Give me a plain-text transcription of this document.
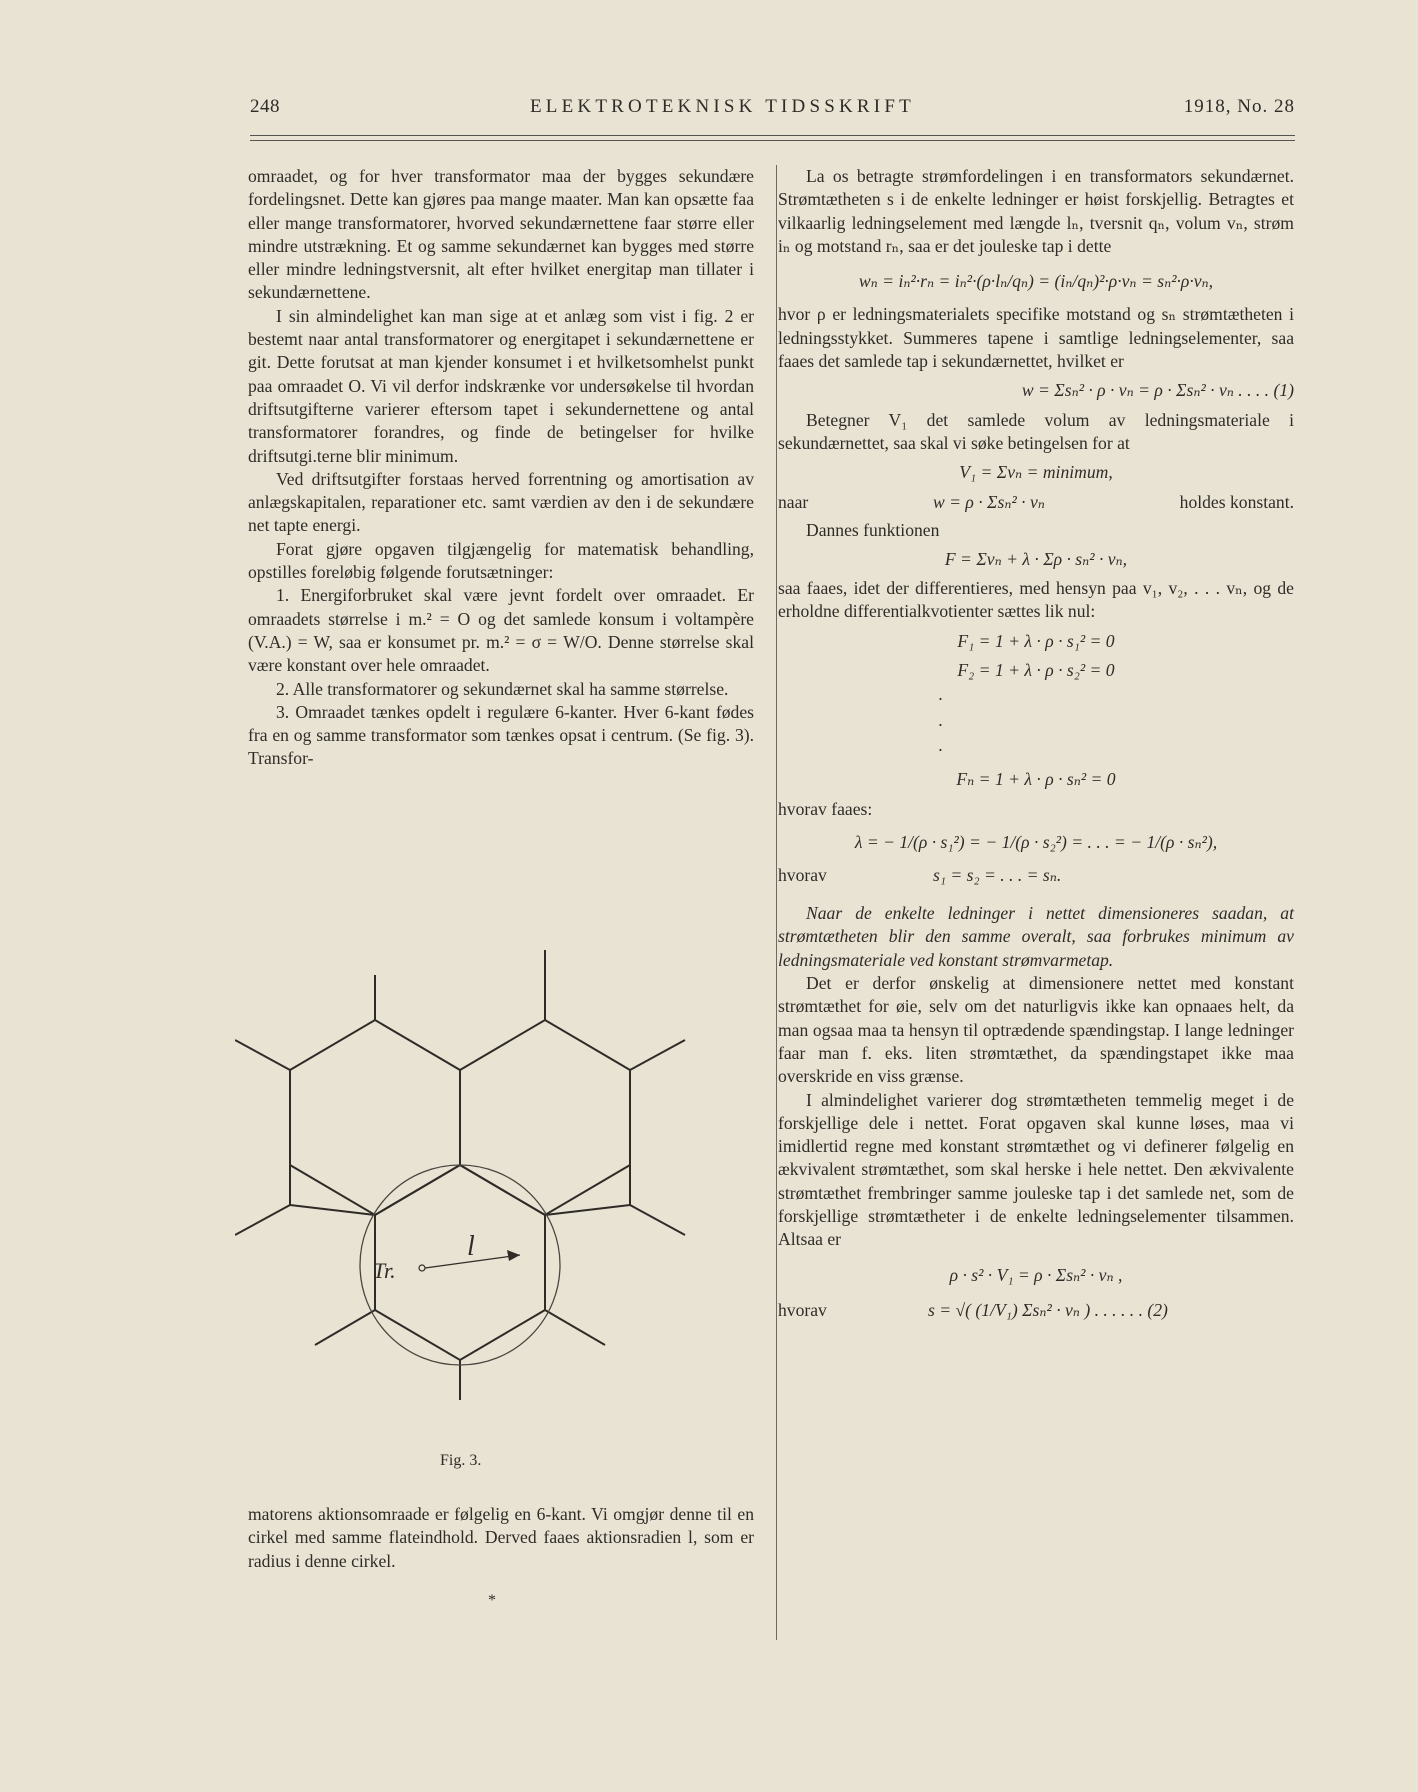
248	ELEKTROTEKNISK TIDSSKRIFT	1918, No. 28

omraadet, og for hver transformator maa der bygges sekundære fordelingsnet. Dette kan gjøres paa mange maater. Man kan opsætte faa eller mange transformatorer, hvorved sekundærnettene faar større eller mindre utstrækning. Et og samme sekundærnet kan bygges med større eller mindre ledningstversnit, alt efter hvilket energitap man tillater i sekundærnettene.

I sin almindelighet kan man sige at et anlæg som vist i fig. 2 er bestemt naar antal transformatorer og energitapet i sekundærnettene er git. Dette forutsat at man kjender konsumet i et hvilketsomhelst punkt paa omraadet O. Vi vil derfor indskrænke vor undersøkelse til hvordan driftsutgifterne varierer eftersom tapet i sekundernettene og antal transformatorer forandres, og finde de betingelser for hvilke driftsutgi.terne blir minimum.

Ved driftsutgifter forstaas herved forrentning og amortisation av anlægskapitalen, reparationer etc. samt værdien av den i de sekundære net tapte energi.

Forat gjøre opgaven tilgjængelig for matematisk behandling, opstilles foreløbig følgende forutsætninger:

1. Energiforbruket skal være jevnt fordelt over omraadet. Er omraadets størrelse i m.² = O og det samlede konsum i voltampère (V.A.) = W, saa er konsumet pr. m.² = σ = W/O. Denne størrelse skal være konstant over hele omraadet.

2. Alle transformatorer og sekundærnet skal ha samme størrelse.

3. Omraadet tænkes opdelt i regulære 6-kanter. Hver 6-kant fødes fra en og samme transformator som tænkes opsat i centrum. (Se fig. 3). Transfor-

Tr.
l
Fig. 3.

matorens aktionsomraade er følgelig en 6-kant. Vi omgjør denne til en cirkel med samme flateindhold. Derved faaes aktionsradien l, som er radius i denne cirkel.

*

La os betragte strømfordelingen i en transformators sekundærnet. Strømtætheten s i de enkelte ledninger er høist forskjellig. Betragtes et vilkaarlig ledningselement med længde lₙ, tversnit qₙ, volum vₙ, strøm iₙ og motstand rₙ, saa er det jouleske tap i dette

wₙ = iₙ²·rₙ = iₙ²·(ρ·lₙ/qₙ) = (iₙ/qₙ)²·ρ·vₙ = sₙ²·ρ·vₙ,

hvor ρ er ledningsmaterialets specifike motstand og sₙ strømtætheten i ledningsstykket. Summeres tapene i samtlige ledningselementer, saa faaes det samlede tap i sekundærnettet, hvilket er

w = Σsₙ² · ρ · vₙ = ρ · Σsₙ² · vₙ . . . . (1)

Betegner V₁ det samlede volum av ledningsmateriale i sekundærnettet, saa skal vi søke betingelsen for at

V₁ = Σvₙ = minimum,
naar	w = ρ · Σsₙ² · vₙ	holdes konstant.

Dannes funktionen

F = Σvₙ + λ · Σρ · sₙ² · vₙ,

saa faaes, idet der differentieres, med hensyn paa v₁, v₂, . . . vₙ, og de erholdne differentialkvotienter sættes lik nul:

F₁ = 1 + λ · ρ · s₁² = 0
F₂ = 1 + λ · ρ · s₂² = 0
·
·
·
Fₙ = 1 + λ · ρ · sₙ² = 0

hvorav faaes:

λ = − 1/(ρ · s₁²) = − 1/(ρ · s₂²) = . . . = − 1/(ρ · sₙ²),
hvorav	s₁ = s₂ = . . . = sₙ.

Naar de enkelte ledninger i nettet dimensioneres saadan, at strømtætheten blir den samme overalt, saa forbrukes minimum av ledningsmateriale ved konstant strømvarmetap.

Det er derfor ønskelig at dimensionere nettet med konstant strømtæthet for øie, selv om det naturligvis ikke kan opnaaes helt, da man ogsaa maa ta hensyn til optrædende spændingstap. I lange ledninger faar man f. eks. liten strømtæthet, da spændingstapet ikke maa overskride en viss grænse.

I almindelighet varierer dog strømtætheten temmelig meget i de forskjellige dele i nettet. Forat opgaven skal kunne løses, maa vi imidlertid regne med konstant strømtæthet og vi definerer følgelig en ækvivalent strømtæthet, som skal herske i hele nettet. Den ækvivalente strømtæthet frembringer samme jouleske tap i det samlede net, som de forskjellige strømtætheter i de enkelte ledningselementer tilsammen. Altsaa er

ρ · s² · V₁ = ρ · Σsₙ² · vₙ ,
hvorav	s = √( (1/V₁) Σsₙ² · vₙ ) . . . . . . (2)
